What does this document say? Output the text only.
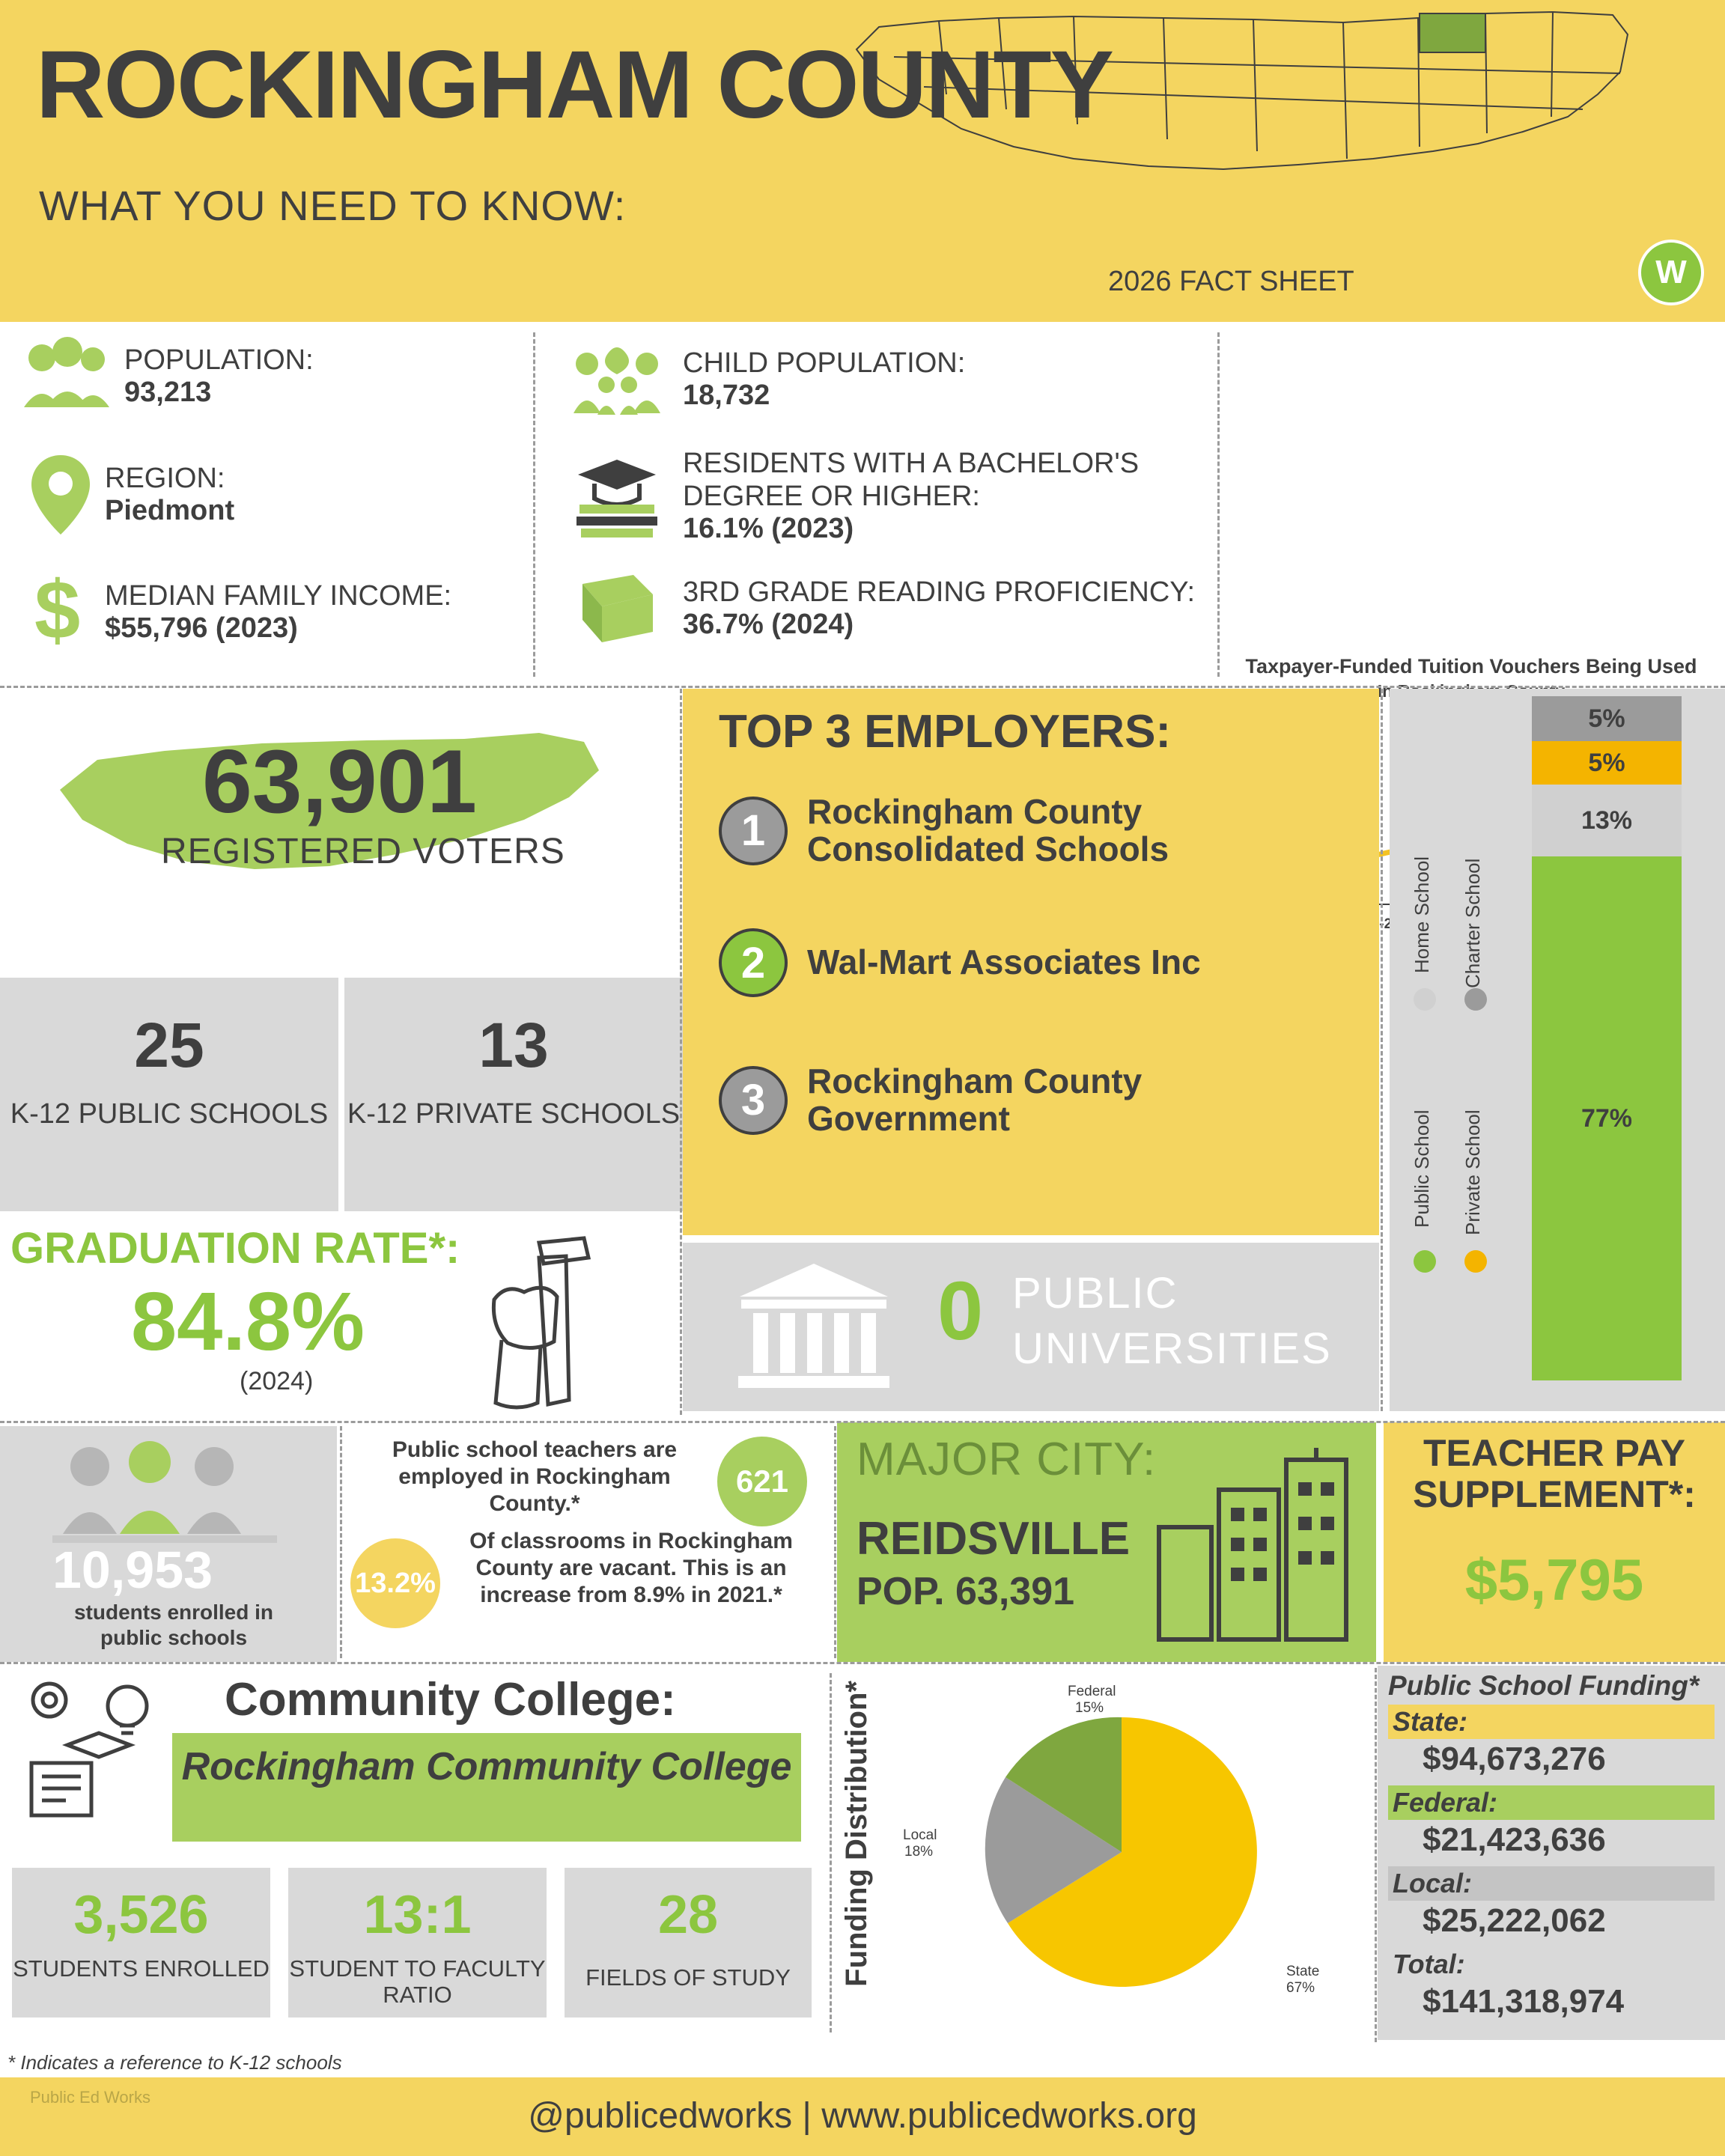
ROCKINGHAM COUNTY
WHAT YOU NEED TO KNOW:
2026 FACT SHEET	W
POPULATION:
93,213
REGION:
Piedmont
$ MEDIAN FAMILY INCOME:
$55,796 (2023)
CHILD POPULATION:
18,732
RESIDENTS WITH A BACHELOR'S DEGREE OR HIGHER:
16.1% (2023)
3RD GRADE READING PROFICIENCY:
36.7% (2024)
Taxpayer-Funded Tuition Vouchers Being Used
In
63,901
REGISTERED VOTERS
TOP 3 EMPLOYERS:
1	Rockingham County Consolidated Schools
2	Wal-Mart Associates Inc
3	Rockingham County Government
25
K-12 PUBLIC SCHOOLS
13
K-12 PRIVATE SCHOOLS
GRADUATION RATE*:
84.8%
(2024)
0 PUBLIC
UNIVERSITIES
5%
5%
13%
77%
Home School Charter School
Public School Private School
10,953
students enrolled in public schools
Public school teachers are employed in Rockingham County.*
621
13.2%
Of classrooms in Rockingham County are vacant. This is an increase from 8.9% in 2021.*
MAJOR CITY:
REIDSVILLE
POP. 63,391
TEACHER PAY SUPPLEMENT*:
$5,795
Community College:
Rockingham Community College
3,526
STUDENTS ENROLLED
13:1
STUDENT TO FACULTY RATIO
28
FIELDS OF STUDY	Funding Distribution*	Federal
15%
Local
18%
State
67%
Public School Funding*
State:
$94,673,276
Federal:
$21,423,636
Local:
$25,222,062
Total:
$141,318,974
* Indicates a reference to K-12 schools
Public Ed Works	@publicedworks | www.publicedworks.org
